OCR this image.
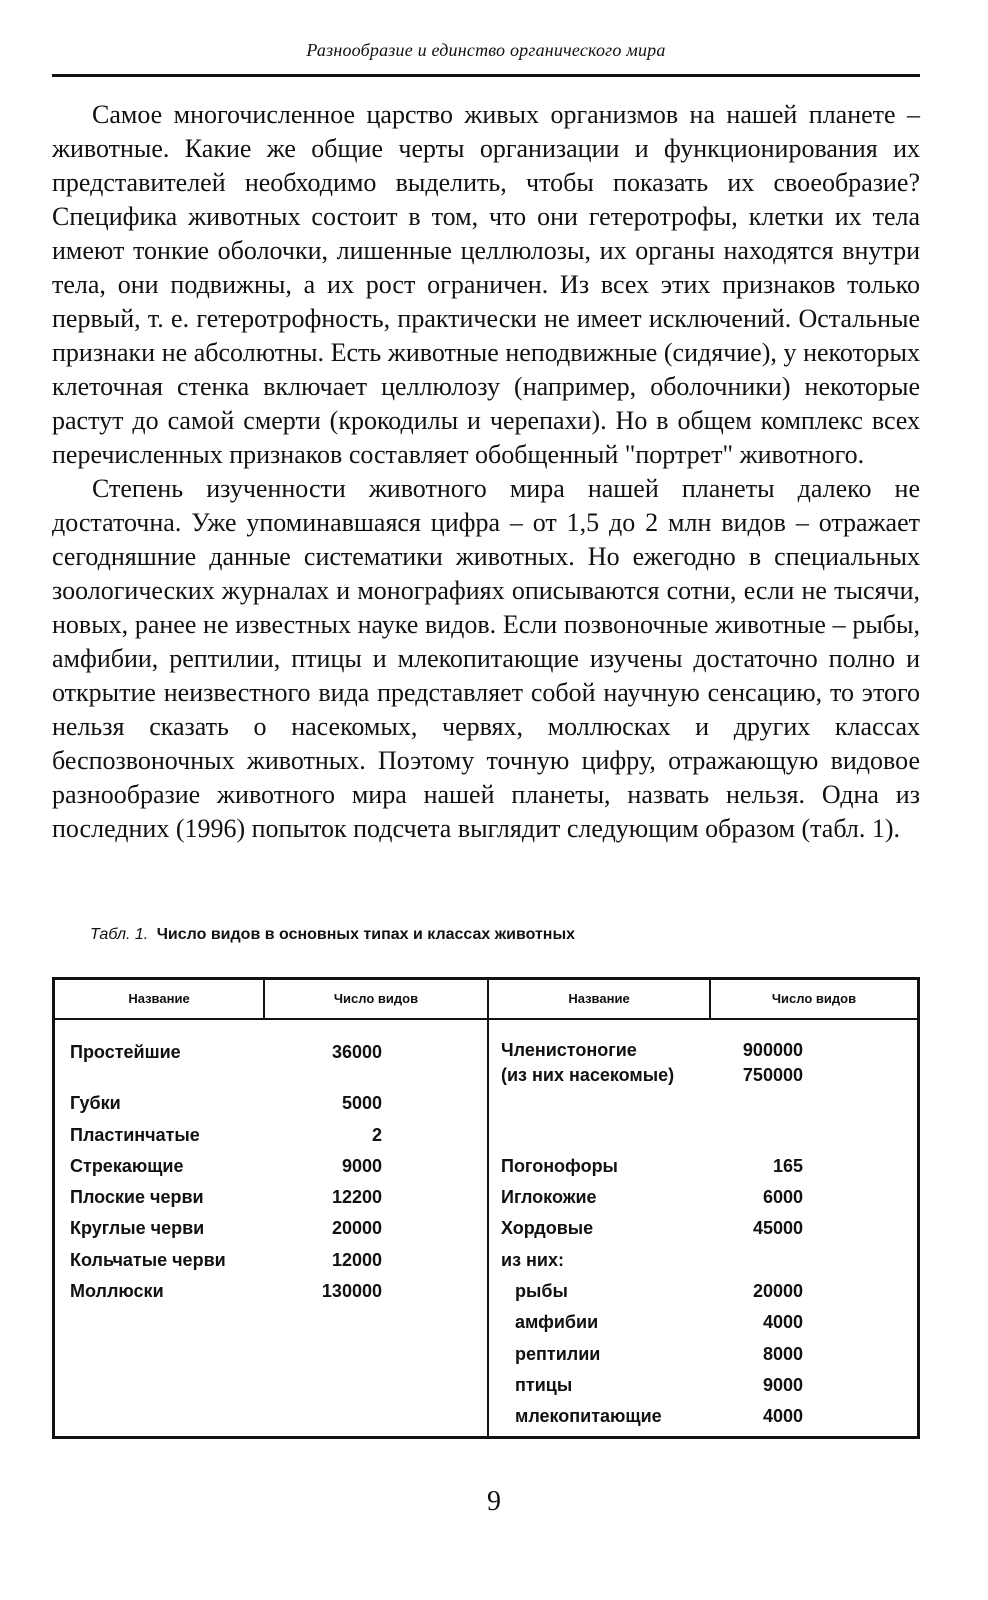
Разнообразие и единство органического мира

Самое многочисленное царство живых организмов на нашей планете – животные. Какие же общие черты организации и функционирования их представителей необходимо выделить, чтобы показать их своеобразие? Специфика животных состоит в том, что они гетеротрофы, клетки их тела имеют тонкие оболочки, лишенные целлюлозы, их органы находятся внутри тела, они подвижны, а их рост ограничен. Из всех этих признаков только первый, т. е. гетеротрофность, практически не имеет исключений. Остальные признаки не абсолютны. Есть животные неподвижные (сидячие), у некоторых клеточная стенка включает целлюлозу (например, оболочники) некоторые растут до самой смерти (крокодилы и черепахи). Но в общем комплекс всех перечисленных признаков составляет обобщенный "портрет" животного.

Степень изученности животного мира нашей планеты далеко не достаточна. Уже упоминавшаяся цифра – от 1,5 до 2 млн видов – отражает сегодняшние данные систематики животных. Но ежегодно в специальных зоологических журналах и монографиях описываются сотни, если не тысячи, новых, ранее не известных науке видов. Если позвоночные животные – рыбы, амфибии, рептилии, птицы и млекопитающие изучены достаточно полно и открытие неизвестного вида представляет собой научную сенсацию, то этого нельзя сказать о насекомых, червях, моллюсках и других классах беспозвоночных животных. Поэтому точную цифру, отражающую видовое разнообразие животного мира нашей планеты, назвать нельзя. Одна из последних (1996) попыток подсчета выглядит следующим образом (табл. 1).

Табл. 1. Число видов в основных типах и классах животных
Название	Число видов	Название	Число видов
Простейшие	36000
Губки	5000
Пластинчатые	2
Стрекающие	9000
Плоские черви	12200
Круглые черви	20000
Кольчатые черви	12000
Моллюски	130000
Членистоногие	900000
(из них насекомые)	750000
Погонофоры	165
Иглокожие	6000
Хордовые	45000
из них:
рыбы	20000
амфибии	4000
рептилии	8000
птицы	9000
млекопитающие	4000
9
